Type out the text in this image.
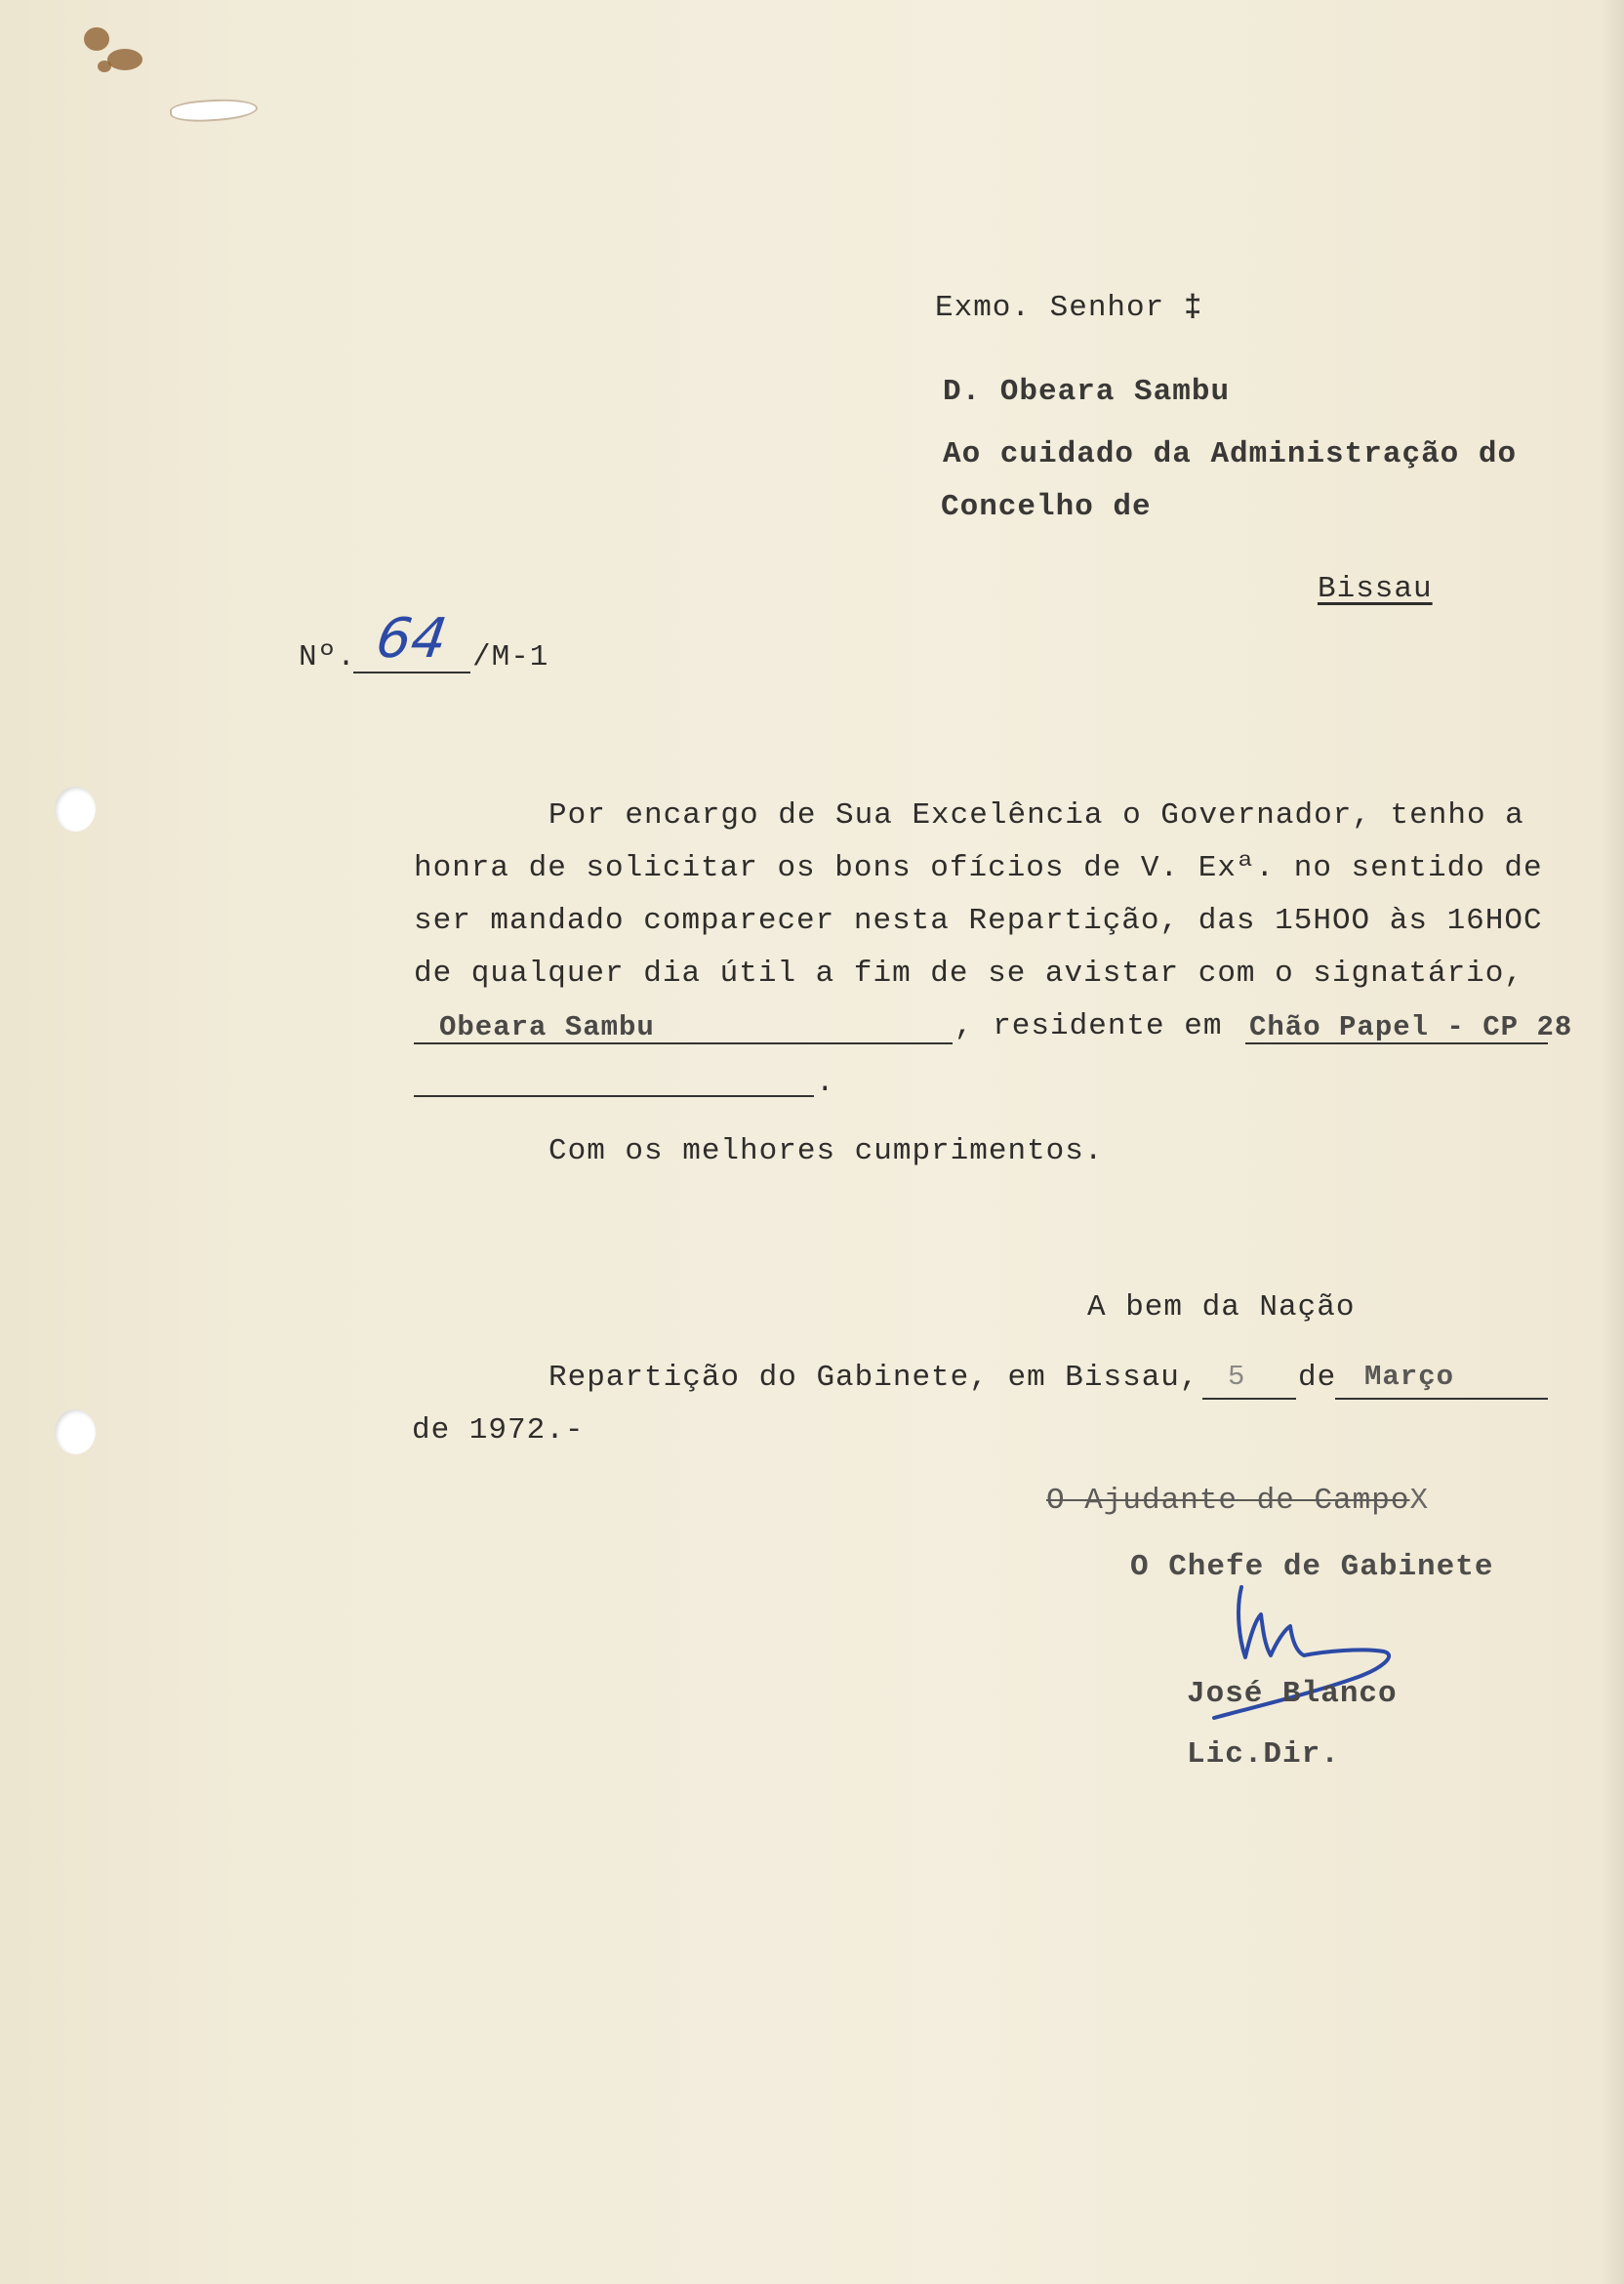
Exmo. Senhor ‡
D. Obeara Sambu
Ao cuidado da Administração do
Concelho de
Bissau
Nº. 64 /M-1
Por encargo de Sua Excelência o Governador, tenho a
honra de solicitar os bons ofícios de V. Exª. no sentido de
ser mandado comparecer nesta Repartição, das 15HOO às 16HOC
de qualquer dia útil a fim de se avistar com o signatário,
Obeara Sambu	, residente em Chão Papel - CP 28
.
Com os melhores cumprimentos.
A bem da Nação
Repartição do Gabinete, em Bissau, 5 de Março
de 1972.-
O Ajudante de CampoX
O Chefe de Gabinete
José Blanco
Lic.Dir.
